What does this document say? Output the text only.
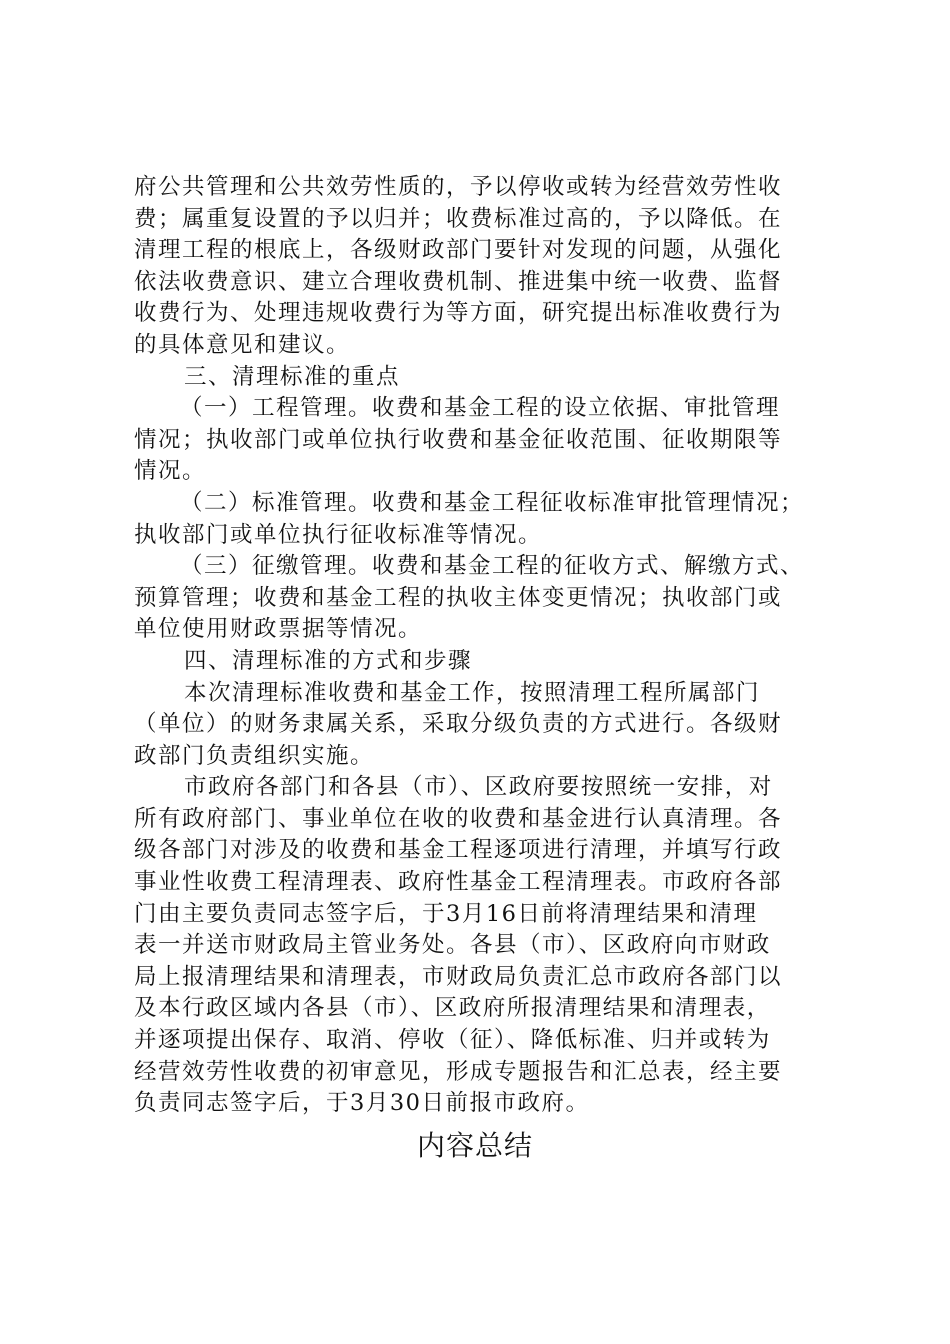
府公共管理和公共效劳性质的，予以停收或转为经营效劳性收
费；属重复设置的予以归并；收费标准过高的，予以降低。在
清理工程的根底上，各级财政部门要针对发现的问题，从强化
依法收费意识、建立合理收费机制、推进集中统一收费、监督
收费行为、处理违规收费行为等方面，研究提出标准收费行为
的具体意见和建议。
三、清理标准的重点
（一）工程管理。收费和基金工程的设立依据、审批管理
情况；执收部门或单位执行收费和基金征收范围、征收期限等
情况。
（二）标准管理。收费和基金工程征收标准审批管理情况；
执收部门或单位执行征收标准等情况。
（三）征缴管理。收费和基金工程的征收方式、解缴方式、
预算管理；收费和基金工程的执收主体变更情况；执收部门或
单位使用财政票据等情况。
四、清理标准的方式和步骤
本次清理标准收费和基金工作，按照清理工程所属部门
（单位）的财务隶属关系，采取分级负责的方式进行。各级财
政部门负责组织实施。
市政府各部门和各县（市）、区政府要按照统一安排，对
所有政府部门、事业单位在收的收费和基金进行认真清理。各
级各部门对涉及的收费和基金工程逐项进行清理，并填写行政
事业性收费工程清理表、政府性基金工程清理表。市政府各部
门由主要负责同志签字后，于3月16日前将清理结果和清理
表一并送市财政局主管业务处。各县（市）、区政府向市财政
局上报清理结果和清理表，市财政局负责汇总市政府各部门以
及本行政区域内各县（市）、区政府所报清理结果和清理表，
并逐项提出保存、取消、停收（征）、降低标准、归并或转为
经营效劳性收费的初审意见，形成专题报告和汇总表，经主要
负责同志签字后，于3月30日前报市政府。
内容总结
